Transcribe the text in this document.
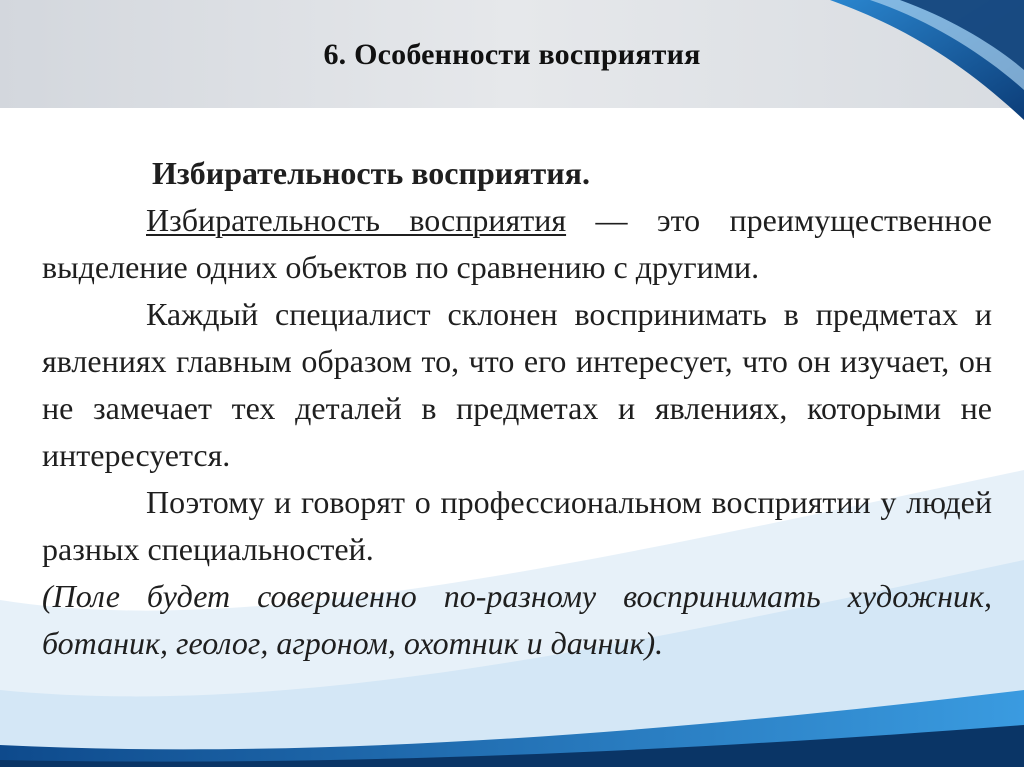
6. Особенности восприятия

Избирательность восприятия.

Избирательность восприятия — это преимущественное выделение одних объектов по сравнению с другими.

Каждый специалист склонен воспринимать в предметах и явлениях главным образом то, что его интересует, что он изучает, он не замечает тех деталей в предметах и явлениях, которыми не интересуется.

Поэтому и говорят о профессиональном восприятии у людей разных специальностей.

(Поле будет совершенно по-разному воспринимать художник, ботаник, геолог, агроном, охотник и дачник).
